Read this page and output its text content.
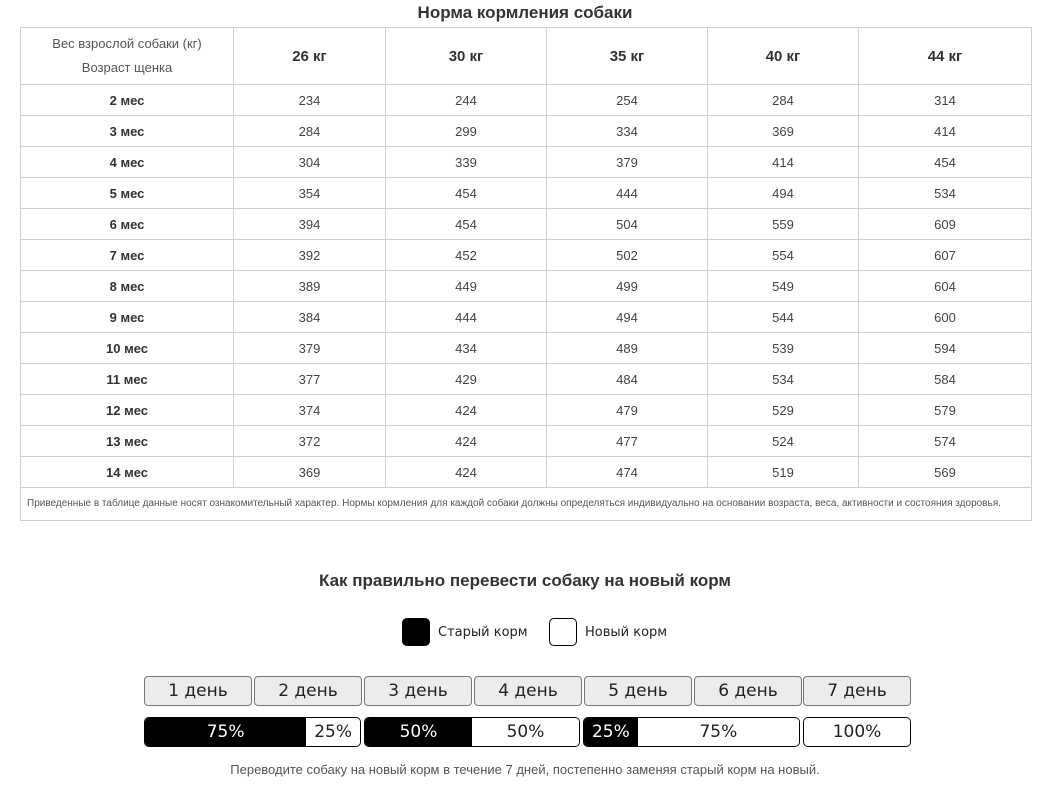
Норма кормления собаки
Вес взрослой собаки (кг)
Возраст щенка	26 кг	30 кг	35 кг	40 кг	44 кг
2 мес	234	244	254	284	314
3 мес	284	299	334	369	414
4 мес	304	339	379	414	454
5 мес	354	454	444	494	534
6 мес	394	454	504	559	609
7 мес	392	452	502	554	607
8 мес	389	449	499	549	604
9 мес	384	444	494	544	600
10 мес	379	434	489	539	594
11 мес	377	429	484	534	584
12 мес	374	424	479	529	579
13 мес	372	424	477	524	574
14 мес	369	424	474	519	569
Приведенные в таблице данные носят ознакомительный характер. Нормы кормления для каждой собаки должны определяться индивидуально на основании возраста, веса, активности и состояния здоровья.					
Как правильно перевести собаку на новый корм
Старый корм	Новый корм
1 день	2 день	3 день	4 день	5 день	6 день	7 день
75%	25%	50%	50%	25%	75%	100%
Переводите собаку на новый корм в течение 7 дней, постепенно заменяя старый корм на новый.
